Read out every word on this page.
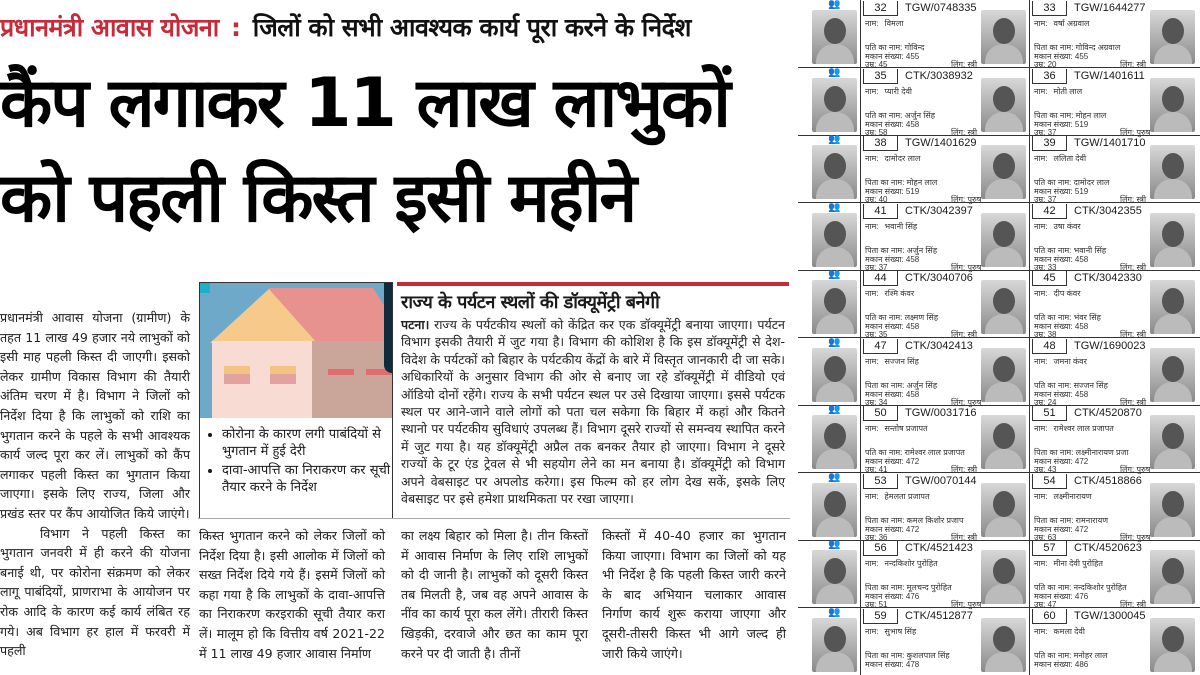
प्रधानमंत्री आवास योजना : जिलों को सभी आवश्यक कार्य पूरा करने के निर्देश
कैंप लगाकर 11 लाख लाभुकों
को पहली किस्त इसी महीने

प्रधानमंत्री आवास योजना (ग्रामीण) के तहत 11 लाख 49 हजार नये लाभुकों को इसी माह पहली किस्त दी जाएगी। इसको लेकर ग्रामीण विकास विभाग की तैयारी अंतिम चरण में है। विभाग ने जिलों को निर्देश दिया है कि लाभुकों को राशि का भुगतान करने के पहले के सभी आवश्यक कार्य जल्द पूरा कर लें। लाभुकों को कैंप लगाकर पहली किस्त का भुगतान किया जाएगा। इसके लिए राज्य, जिला और प्रखंड स्तर पर कैंप आयोजित किये जाएंगे।

विभाग ने पहली किस्त का भुगतान जनवरी में ही करने की योजना बनाई थी, पर कोरोना संक्रमण को लेकर लागू पाबंदियों, प्राणराभा के आयोजन पर रोक आदि के कारण कई कार्य लंबित रह गये। अब विभाग हर हाल में फरवरी में पहली

• कोरोना के कारण लगी पाबंदियों से भुगतान में हुई देरी
• दावा-आपत्ति का निराकरण कर सूची तैयार करने के निर्देश
राज्य के पर्यटन स्थलों की डॉक्यूमेंट्री बनेगी
पटना। राज्य के पर्यटकीय स्थलों को केंद्रित कर एक डॉक्यूमेंट्री बनाया जाएगा। पर्यटन विभाग इसकी तैयारी में जुट गया है। विभाग की कोशिश है कि इस डॉक्यूमेंट्री से देश-विदेश के पर्यटकों को बिहार के पर्यटकीय केंद्रों के बारे में विस्तृत जानकारी दी जा सके। अधिकारियों के अनुसार विभाग की ओर से बनाए जा रहे डॉक्यूमेंट्री में वीडियो एवं ऑडियो दोनों रहेंगे। राज्य के सभी पर्यटन स्थल पर उसे दिखाया जाएगा। इससे पर्यटक स्थल पर आने-जाने वाले लोगों को पता चल सकेगा कि बिहार में कहां और कितने स्थानो पर पर्यटकीय सुविधाएं उपलब्ध हैं। विभाग दूसरे राज्यों से समन्वय स्थापित करने में जुट गया है। यह डॉक्यूमेंट्री अप्रैल तक बनकर तैयार हो जाएगा। विभाग ने दूसरे राज्यों के टूर एंड ट्रेवल से भी सहयोग लेने का मन बनाया है। डॉक्यूमेंट्री को विभाग अपने वेबसाइट पर अपलोड करेगा। इस फिल्म को हर लोग देख सकें, इसके लिए वेबसाइट पर इसे हमेशा प्राथमिकता पर रखा जाएगा।
किस्त भुगतान करने को लेकर जिलों को निर्देश दिया है। इसी आलोक में जिलों को सख्त निर्देश दिये गये हैं। इसमें जिलों को कहा गया है कि लाभुकों के दावा-आपत्ति का निराकरण करइराकी सूची तैयार करा लें। मालूम हो कि वित्तीय वर्ष 2021-22 में 11 लाख 49 हजार आवास निर्माण
का लक्ष्य बिहार को मिला है। तीन किस्तों में आवास निर्माण के लिए राशि लाभुकों को दी जानी है। लाभुकों को दूसरी किस्त तब मिलती है, जब वह अपने आवास के नींव का कार्य पूरा कल लेंगे। तीरारी किस्त खिड़की, दरवाजे और छत का काम पूरा करने पर दी जाती है। तीनों
किस्तों में 40-40 हजार का भुगतान किया जाएगा। विभाग का जिलों को यह भी निर्देश है कि पहली किस्त जारी करने के बाद अभियान चलाकार आवास निर्गाण कार्य शुरू कराया जाएगा और दूसरी-तीसरी किस्त भी आगे जल्द ही जारी किये जाएंगे।
32	TGW/0748335
नाम: विमला
पति का नाम: गोविन्द
मकान संख्या: 455
उम्र: 45	लिंग: स्त्री
33	TGW/1644277
नाम: वर्षा अग्रवाल
पिता का नाम: गोविन्द अग्रवाल
मकान संख्या: 455
उम्र: 20	लिंग: स्त्री
👥
35	CTK/3038932
नाम: प्यारी देवी
पति का नाम: अर्जुन सिंह
मकान संख्या: 458
उम्र: 58	लिंग: स्त्री
36	TGW/1401611
नाम: मोती लाल
पिता का नाम: मोहन लाल
मकान संख्या: 519
उम्र: 37	लिंग: पुरुष
👥
38	TGW/1401629
नाम: दामोदर लाल
पिता का नाम: मोहन लाल
मकान संख्या: 519
उम्र: 40	लिंग: पुरुष
39	TGW/1401710
नाम: ललिता देवी
पति का नाम: दामोदर लाल
मकान संख्या: 519
उम्र: 37	लिंग: स्त्री
👥
41	CTK/3042397
नाम: भवानी सिंह
पिता का नाम: अर्जुन सिंह
मकान संख्या: 458
उम्र: 37	लिंग: पुरुष
42	CTK/3042355
नाम: उषा कंवर
पति का नाम: भवानी सिंह
मकान संख्या: 458
उम्र: 33	लिंग: स्त्री
👥
44	CTK/3040706
नाम: रश्मि कंवर
पति का नाम: लक्ष्मण सिंह
मकान संख्या: 458
उम्र: 35	लिंग: स्त्री
45	CTK/3042330
नाम: दीप कंवर
पति का नाम: भंवर सिंह
मकान संख्या: 458
उम्र: 38	लिंग: स्त्री
👥
47	CTK/3042413
नाम: सज्जन सिंह
पिता का नाम: अर्जुन सिंह
मकान संख्या: 458
उम्र: 34	लिंग: पुरुष
48	TGW/1690023
नाम: जमना कंवर
पति का नाम: सज्जन सिंह
मकान संख्या: 458
उम्र: 24	लिंग: स्त्री
👥
50	TGW/0031716
नाम: सन्तोष प्रजापत
पति का नाम: रामेश्वर लाल प्रजापत
मकान संख्या: 472
उम्र: 41	लिंग: स्त्री
51	CTK/4520870
नाम: रामेश्वर लाल प्रजापत
पिता का नाम: लक्ष्मीनारायण प्रजा
मकान संख्या: 472
उम्र: 43	लिंग: पुरुष
👥
53	TGW/0070144
नाम: हेमलता प्रजापत
पिता का नाम: कमल किशोर प्रजाप
मकान संख्या: 472
उम्र: 36	लिंग: स्त्री
54	CTK/4518866
नाम: लक्ष्मीनारायण
पिता का नाम: रामनारायण
मकान संख्या: 472
उम्र: 63	लिंग: पुरुष
👥
56	CTK/4521423
नाम: नन्दकिशोर पुरोहित
पिता का नाम: मूलचन्द पुरोहित
मकान संख्या: 476
उम्र: 51	लिंग: पुरुष
57	CTK/4520623
नाम: मीना देवी पुरोहित
पति का नाम: नन्दकिशोर पुरोहित
मकान संख्या: 476
उम्र: 47	लिंग: स्त्री
👥
59	CTK/4512877
नाम: सुभाष सिंह
पिता का नाम: कुशलपाल सिंह
मकान संख्या: 478
60	TGW/1300045
नाम: कमला देवी
पति का नाम: मनोहर लाल
मकान संख्या: 486
👥
